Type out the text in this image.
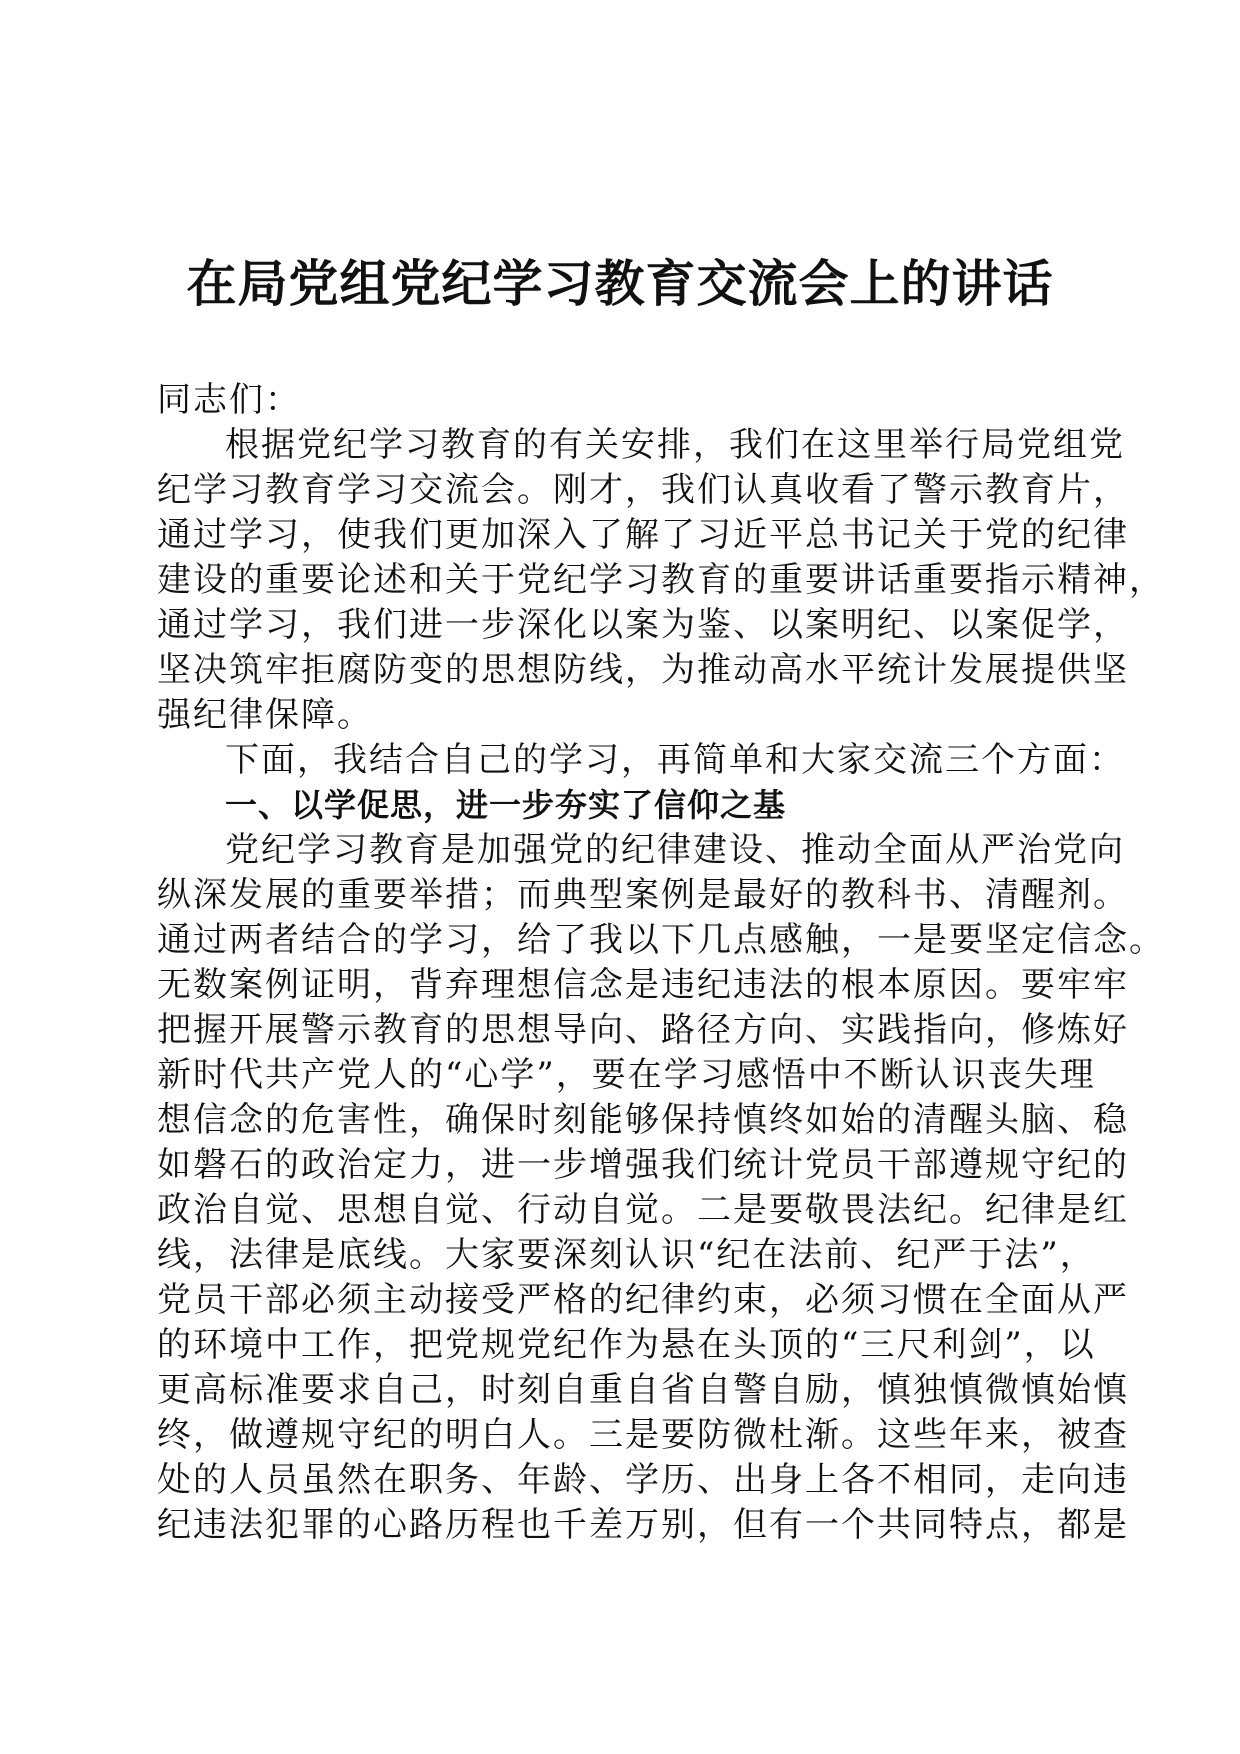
在局党组党纪学习教育交流会上的讲话

同志们：

根据党纪学习教育的有关安排，我们在这里举行局党组党

纪学习教育学习交流会。刚才，我们认真收看了警示教育片，

通过学习，使我们更加深入了解了习近平总书记关于党的纪律

建设的重要论述和关于党纪学习教育的重要讲话重要指示精神，

通过学习，我们进一步深化以案为鉴、以案明纪、以案促学，

坚决筑牢拒腐防变的思想防线，为推动高水平统计发展提供坚

强纪律保障。

下面，我结合自己的学习，再简单和大家交流三个方面：

一、以学促思，进一步夯实了信仰之基

党纪学习教育是加强党的纪律建设、推动全面从严治党向

纵深发展的重要举措；而典型案例是最好的教科书、清醒剂。

通过两者结合的学习，给了我以下几点感触，一是要坚定信念。

无数案例证明，背弃理想信念是违纪违法的根本原因。要牢牢

把握开展警示教育的思想导向、路径方向、实践指向，修炼好

新时代共产党人的“心学”，要在学习感悟中不断认识丧失理

想信念的危害性，确保时刻能够保持慎终如始的清醒头脑、稳

如磐石的政治定力，进一步增强我们统计党员干部遵规守纪的

政治自觉、思想自觉、行动自觉。二是要敬畏法纪。纪律是红

线，法律是底线。大家要深刻认识“纪在法前、纪严于法”，

党员干部必须主动接受严格的纪律约束，必须习惯在全面从严

的环境中工作，把党规党纪作为悬在头顶的“三尺利剑”，以

更高标准要求自己，时刻自重自省自警自励，慎独慎微慎始慎

终，做遵规守纪的明白人。三是要防微杜渐。这些年来，被查

处的人员虽然在职务、年龄、学历、出身上各不相同，走向违

纪违法犯罪的心路历程也千差万别，但有一个共同特点，都是
